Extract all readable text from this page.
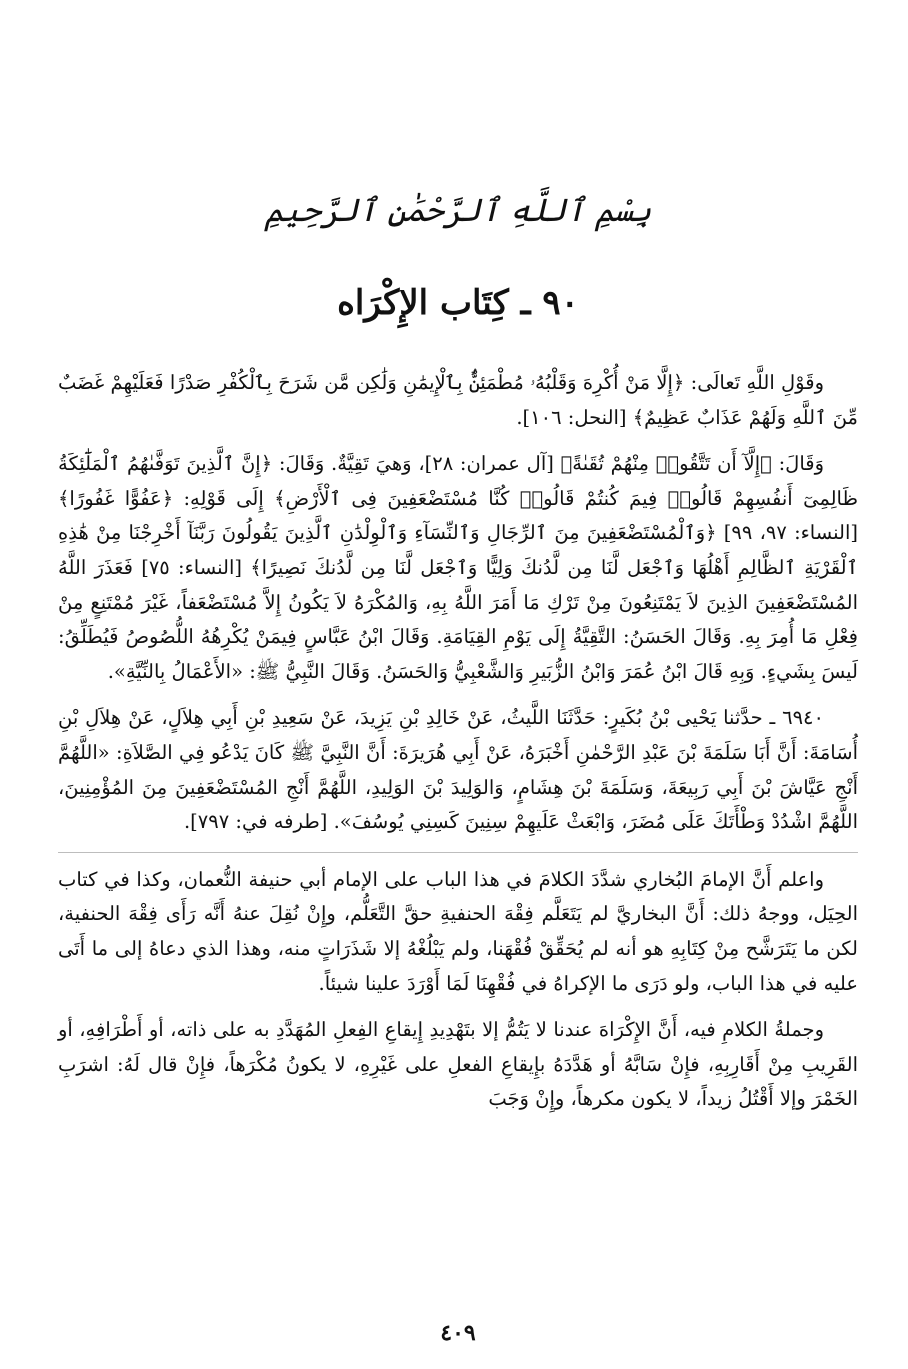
بِسْمِ ٱللَّهِ ٱلرَّحْمَٰنِ ٱلرَّحِيمِ
٩٠ ـ كِتَاب الإِكْرَاه

وقَوْلِ اللَّهِ تَعالَى: ﴿إِلَّا مَنْ أُكْرِهَ وَقَلْبُهُۥ مُطْمَئِنٌّۢ بِٱلْإِيمَٰنِ وَلَٰكِن مَّن شَرَحَ بِٱلْكُفْرِ صَدْرًا فَعَلَيْهِمْ غَضَبٌ مِّنَ ٱللَّهِ وَلَهُمْ عَذَابٌ عَظِيمٌ﴾ [النحل: ١٠٦].

وَقَالَ: ﴿إِلَّآ أَن تَتَّقُوا۟ مِنْهُمْ تُقَىٰةً﴾ [آل عمران: ٢٨]، وَهيَ تَقِيَّةٌ. وَقَالَ: ﴿إِنَّ ٱلَّذِينَ تَوَفَّىٰهُمُ ٱلْمَلَٰٓئِكَةُ ظَالِمِىٓ أَنفُسِهِمْ قَالُوا۟ فِيمَ كُنتُمْ قَالُوا۟ كُنَّا مُسْتَضْعَفِينَ فِى ٱلْأَرْضِ﴾ إِلَى قَوْلِهِ: ﴿عَفُوًّا غَفُورًا﴾ [النساء: ٩٧، ٩٩] ﴿وَٱلْمُسْتَضْعَفِينَ مِنَ ٱلرِّجَالِ وَٱلنِّسَآءِ وَٱلْوِلْدَٰنِ ٱلَّذِينَ يَقُولُونَ رَبَّنَآ أَخْرِجْنَا مِنْ هَٰذِهِ ٱلْقَرْيَةِ ٱلظَّالِمِ أَهْلُهَا وَٱجْعَل لَّنَا مِن لَّدُنكَ وَلِيًّا وَٱجْعَل لَّنَا مِن لَّدُنكَ نَصِيرًا﴾ [النساء: ٧٥] فَعَذَرَ اللَّهُ المُسْتَضْعَفِينَ الذِينَ لاَ يَمْتَنِعُونَ مِنْ تَرْكِ مَا أَمَرَ اللَّهُ بِهِ، وَالمُكْرَهُ لاَ يَكُونُ إِلاَّ مُسْتَضْعَفاً، غَيْرَ مُمْتَنِعٍ مِنْ فِعْلِ مَا أُمِرَ بِهِ. وَقَالَ الحَسَنُ: التَّقِيَّةُ إِلَى يَوْمِ القِيَامَةِ. وَقَالَ ابْنُ عَبَّاسٍ فِيمَنْ يُكْرِهُهُ اللُّصُوصُ فَيُطَلِّقُ: لَيسَ بِشَيءٍ. وَبِهِ قَالَ ابْنُ عُمَرَ وَابْنُ الزُّبَيرِ وَالشَّعْبِيُّ وَالحَسَنُ. وَقَالَ النَّبِيُّ ﷺ: «الأَعْمَالُ بِالنِّيَّةِ».

٦٩٤٠ ـ حدَّثنا يَحْيى بْنُ بُكَيرٍ: حَدَّثَنَا اللَّيثُ، عَنْ خَالِدِ بْنِ يَزِيدَ، عَنْ سَعِيدِ بْنِ أَبِي هِلاَلٍ، عَنْ هِلاَلِ بْنِ أُسَامَةَ: أَنَّ أَبَا سَلَمَةَ بْنَ عَبْدِ الرَّحْمٰنِ أَخْبَرَهُ، عَنْ أَبِي هُرَيرَةَ: أَنَّ النَّبِيَّ ﷺ كَانَ يَدْعُو فِي الصَّلاَةِ: «اللَّهُمَّ أَنْجِ عَيَّاشَ بْنَ أَبِي رَبِيعَةَ، وَسَلَمَةَ بْنَ هِشَامٍ، وَالوَلِيدَ بْنَ الوَلِيدِ، اللَّهُمَّ أَنْجِ المُسْتَضْعَفِينَ مِنَ المُؤْمِنِينَ، اللَّهُمَّ اشْدُدْ وَطْأَتَكَ عَلَى مُضَرَ، وَابْعَثْ عَلَيهِمْ سِنِينَ كَسِنِي يُوسُفَ». [طرفه في: ٧٩٧].

واعلم أَنَّ الإمامَ البُخاري شدَّدَ الكلامَ في هذا الباب على الإمام أبي حنيفة النُّعمان، وكذا في كتاب الحِيَل، ووجهُ ذلك: أَنَّ البخاريَّ لم يَتَعَلَّم فِقْهَ الحنفيةِ حقَّ التَّعَلُّم، وإِنْ نُقِلَ عنهُ أَنَّه رَأَى فِقْهَ الحنفية، لكن ما يَتَرَشَّح مِنْ كِتَابِهِ هو أنه لم يُحَقِّقْ فُقْهَنا، ولم يَبْلُغْهُ إلا شَذَرَاتٍ منه، وهذا الذي دعاهُ إلى ما أَتَى عليه في هذا الباب، ولو دَرَى ما الإكراهُ في فُقْهِنَا لَمَا أَوْرَدَ علينا شيئاً.

وجملةُ الكلامِ فيه، أَنَّ الإِكْرَاهَ عندنا لا يَتُمُّ إلا بتَهْدِيدِ إِيقاعِ الفِعلِ المُهَدَّدِ به على ذاته، أو أَطْرَافِهِ، أو القَرِيبِ مِنْ أَقَارِبِهِ، فإِنْ سَابَّهُ أو هَدَّدَهُ بإِيقاعِ الفعلِ على غَيْرِهِ، لا يكونُ مُكْرَهاً، فإِنْ قال لَهُ: اشرَبِ الخَمْرَ وإلا أَقْتُلُ زيداً، لا يكون مكرهاً، وإِنْ وَجَبَ

٤٠٩
